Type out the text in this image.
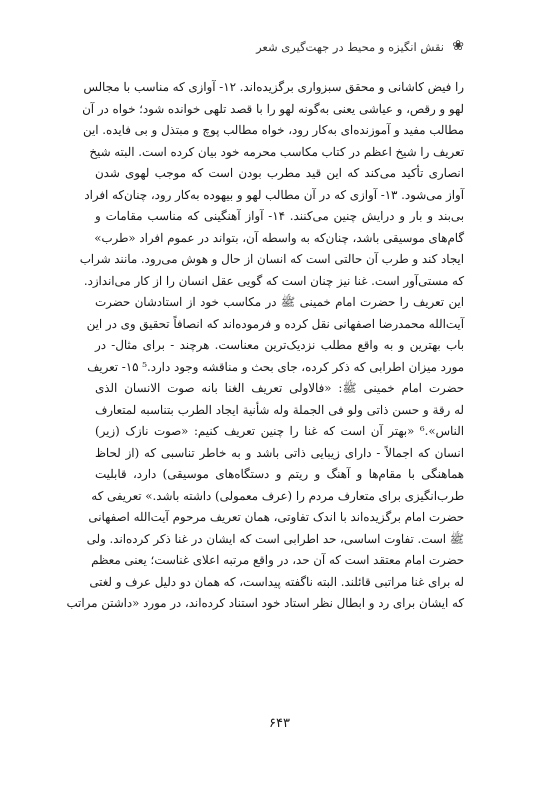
❀
نقش انگیزه و محیط در جهت‌گیری شعر
را فیض کاشانی و محقق سبزواری برگزیده‌اند. ۱۲- آوازی که مناسب با مجالس
لهو و رقص، و عیاشی یعنی به‌گونه لهو را با قصد تلهی خوانده شود؛ خواه در آن
مطالب مفید و آموزنده‌ای به‌کار رود، خواه مطالب پوچ و مبتذل و بی فایده. این
تعریف را شیخ اعظم در کتاب مکاسب محرمه خود بیان کرده است. البته شیخ
انصاری تأکید می‌کند که این قید مطرب بودن است که موجب لهوی شدن
آواز می‌شود. ۱۳- آوازی که در آن مطالب لهو و بیهوده به‌کار رود، چنان‌که افراد
بی‌بند و بار و درایش چنین می‌کنند. ۱۴- آواز آهنگینی که مناسب مقامات و
گام‌های موسیقی باشد، چنان‌که به واسطه آن، بتواند در عموم افراد «طرب»
ایجاد کند و طرب آن حالتی است که انسان از حال و هوش می‌رود. مانند شراب
که مستی‌آور است. غنا نیز چنان است که گویی عقل انسان را از کار می‌اندازد.
این تعریف را حضرت امام خمینی ﷺ در مکاسب خود از استادشان حضرت
آیت‌الله محمدرضا اصفهانی نقل کرده و فرموده‌اند که انصافاً تحقیق وی در این
باب بهترین و به واقع مطلب نزدیک‌ترین معناست. هرچند - برای مثال- در
مورد میزان اطرابی که ذکر کرده، جای بحث و مناقشه وجود دارد.⁵ ۱۵- تعریف
حضرت امام خمینی ﷺ: «فالاولی تعریف الغنا بانه صوت الانسان الذی
له رقة و حسن ذاتی ولو فی الجملة وله شأنیة ایجاد الطرب بتناسبه لمتعارف
الناس».⁶ «بهتر آن است که غنا را چنین تعریف کنیم: «صوت نازک (زیر)
انسان که اجمالاً - دارای زیبایی ذاتی باشد و به خاطر تناسبی که (از لحاظ
هماهنگی با مقام‌ها و آهنگ و ریتم و دستگاه‌های موسیقی) دارد، قابلیت
طرب‌انگیزی برای متعارف مردم را (عرف معمولی) داشته باشد.» تعریفی که
حضرت امام برگزیده‌اند با اندک تفاوتی، همان تعریف مرحوم آیت‌الله اصفهانی
ﷺ است. تفاوت اساسی، حد اطرابی است که ایشان در غنا ذکر کرده‌اند. ولی
حضرت امام معتقد است که آن حد، در واقع مرتبه اعلای غناست؛ یعنی معظم
له برای غنا مراتبی قائلند. البته ناگفته پیداست، که همان دو دلیل عرف و لغتی
که ایشان برای رد و ابطال نظر استاد خود استناد کرده‌اند، در مورد «داشتن مراتب
۶۴۳
